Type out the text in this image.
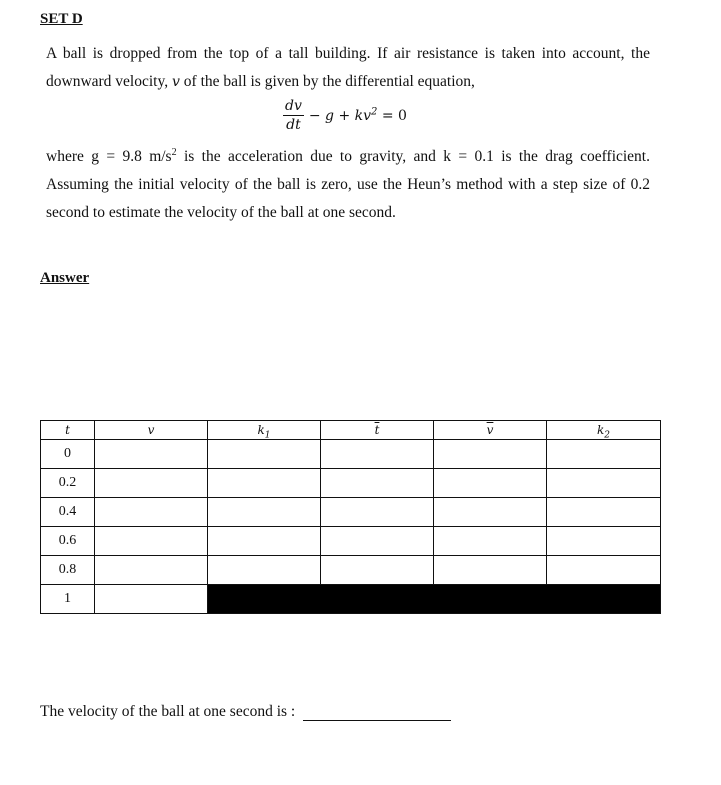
SET D
A ball is dropped from the top of a tall building. If air resistance is taken into account, the downward velocity, v of the ball is given by the differential equation,
$\frac{dv}{dt} - g + kv^2 = 0$
where g = 9.8 $m/s^2$ is the acceleration due to gravity, and k = 0.1 is the drag coefficient. Assuming the initial velocity of the ball is zero, use the Heun’s method with a step size of 0.2 second to estimate the velocity of the ball at one second.
Answer
t	v	$k_1$	$\overline{t}$	$\overline{v}$	$k_2$
0					
0.2					
0.4					
0.6					
0.8					
1					
The velocity of the ball at one second is :
